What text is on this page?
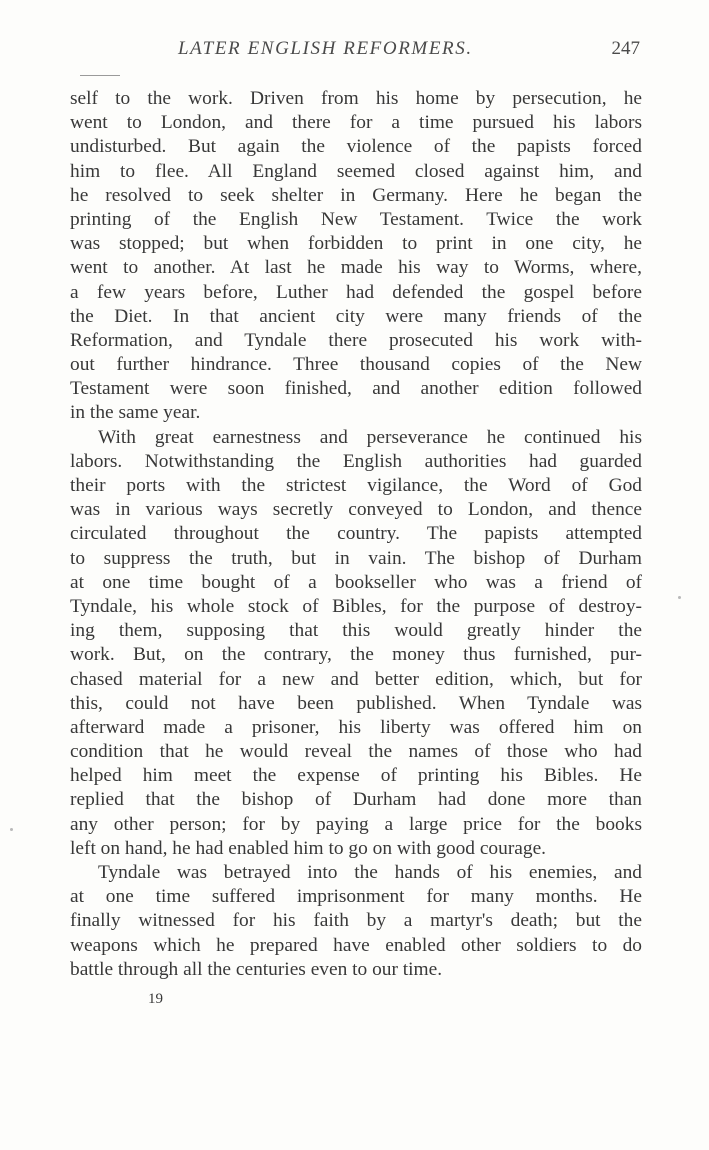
LATER ENGLISH REFORMERS.	247
self to the work. Driven from his home by persecution, he
went to London, and there for a time pursued his labors
undisturbed. But again the violence of the papists forced
him to flee. All England seemed closed against him, and
he resolved to seek shelter in Germany. Here he began the
printing of the English New Testament. Twice the work
was stopped; but when forbidden to print in one city, he
went to another. At last he made his way to Worms, where,
a few years before, Luther had defended the gospel before
the Diet. In that ancient city were many friends of the
Reformation, and Tyndale there prosecuted his work with-
out further hindrance. Three thousand copies of the New
Testament were soon finished, and another edition followed
in the same year.
With great earnestness and perseverance he continued his
labors. Notwithstanding the English authorities had guarded
their ports with the strictest vigilance, the Word of God
was in various ways secretly conveyed to London, and thence
circulated throughout the country. The papists attempted
to suppress the truth, but in vain. The bishop of Durham
at one time bought of a bookseller who was a friend of
Tyndale, his whole stock of Bibles, for the purpose of destroy-
ing them, supposing that this would greatly hinder the
work. But, on the contrary, the money thus furnished, pur-
chased material for a new and better edition, which, but for
this, could not have been published. When Tyndale was
afterward made a prisoner, his liberty was offered him on
condition that he would reveal the names of those who had
helped him meet the expense of printing his Bibles. He
replied that the bishop of Durham had done more than
any other person; for by paying a large price for the books
left on hand, he had enabled him to go on with good courage.
Tyndale was betrayed into the hands of his enemies, and
at one time suffered imprisonment for many months. He
finally witnessed for his faith by a martyr's death; but the
weapons which he prepared have enabled other soldiers to do
battle through all the centuries even to our time.
19
